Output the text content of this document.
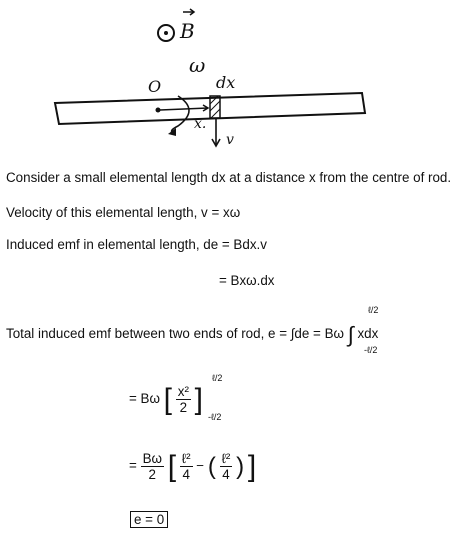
B
ω
O	dx
x.
v
Consider a small elemental length dx at a distance x from the centre of rod.
Velocity of this elemental length, v = xω
Induced emf in elemental length, de = Bdx.v
= Bxω.dx
Total induced emf between two ends of rod, e = ∫de = Bω ∫ xdx
ℓ/2
-ℓ/2
= Bω [ $\frac{\text{x²}}{2}$ ]
ℓ/2
-ℓ/2
= $\frac{B\omega}{2}$ [ $\frac{\text{ℓ²}}{4}$ − ( $\frac{\text{ℓ²}}{4}$ ) ]
e = 0
